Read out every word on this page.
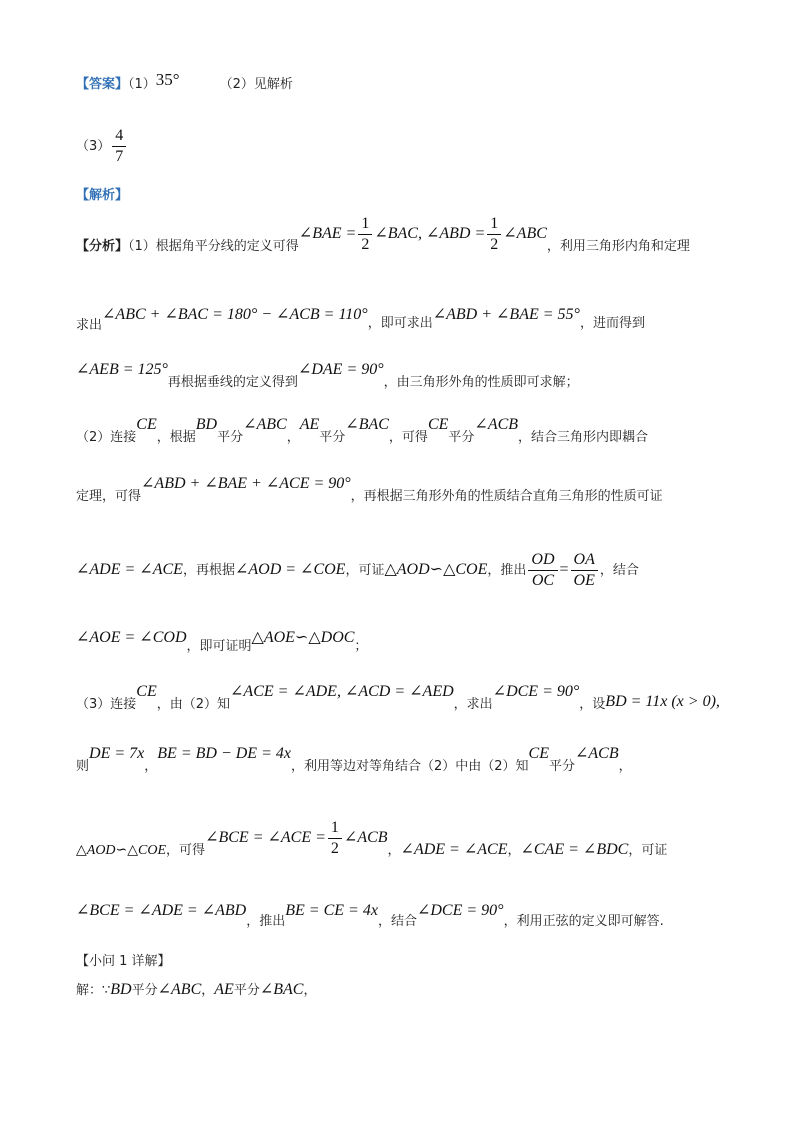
【答案】（1）35°	（2）见解析
$(3) \frac{4}{7}$
【解析】
【分析】（1）根据角平分线的定义可得∠BAE = $\frac{1}{2}$ ∠BAC, ∠ABD = $\frac{1}{2}$ ∠ABC，利用三角形内角和定理
求出∠ABC + ∠BAC = 180° − ∠ACB = 110°，即可求出∠ABD + ∠BAE = 55°，进而得到
∠AEB = 125°再根据垂线的定义得到∠DAE = 90°，由三角形外角的性质即可求解；
（2）连接CE，根据BD平分∠ABC，AE平分∠BAC，可得CE平分∠ACB，结合三角形内即耦合
定理，可得∠ABD + ∠BAE + ∠ACE = 90°，再根据三角形外角的性质结合直角三角形的性质可证
∠ADE = ∠ACE，再根据∠AOD = ∠COE，可证△AOD∽△COE，推出 $\frac{OD}{OC} = \frac{OA}{OE}$ ，结合
∠AOE = ∠COD，即可证明△AOE∽△DOC；
（3）连接CE，由（2）知∠ACE = ∠ADE, ∠ACD = ∠AED，求出∠DCE = 90°，设BD = 11x (x > 0),
则DE = 7x，BE = BD − DE = 4x，利用等边对等角结合（2）中由（2）知CE平分∠ACB，
△AOD∽△COE，可得∠BCE = ∠ACE = $\frac{1}{2}$ ∠ACB，∠ADE = ∠ACE，∠CAE = ∠BDC，可证
∠BCE = ∠ADE = ∠ABD，推出BE = CE = 4x，结合∠DCE = 90°，利用正弦的定义即可解答.
【小问 1 详解】
解：∵BD平分∠ABC，AE平分∠BAC，
